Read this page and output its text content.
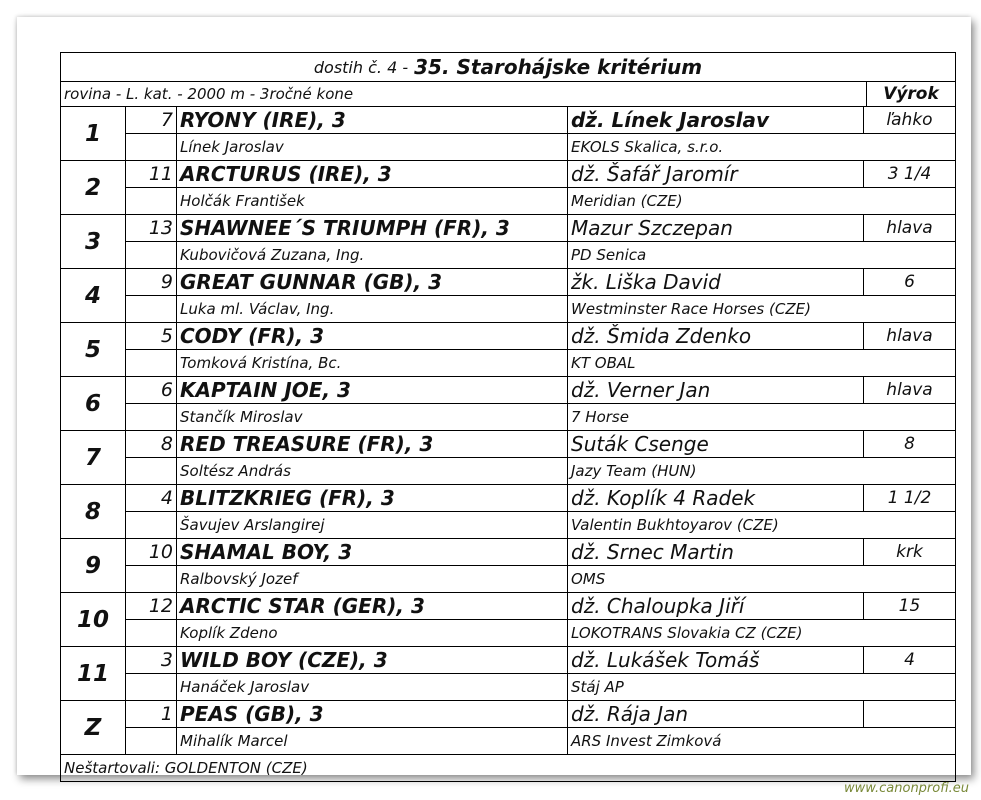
dostih č. 4 - 35. Starohájske kritérium
rovina - L. kat. - 2000 m - 3ročné kone	Výrok
1
7 RYONY (IRE), 3	dž. Línek Jaroslav	ľahko
Línek Jaroslav	EKOLS Skalica, s.r.o.
2
11 ARCTURUS (IRE), 3	dž. Šafář Jaromír	3 1/4
Holčák František	Meridian (CZE)
3
13 SHAWNEE´S TRIUMPH (FR), 3	Mazur Szczepan	hlava
Kubovičová Zuzana, Ing.	PD Senica
4
9 GREAT GUNNAR (GB), 3	žk. Liška David	6
Luka ml. Václav, Ing.	Westminster Race Horses (CZE)
5
5 CODY (FR), 3	dž. Šmida Zdenko	hlava
Tomková Kristína, Bc.	KT OBAL
6
6 KAPTAIN JOE, 3	dž. Verner Jan	hlava
Stančík Miroslav	7 Horse
7
8 RED TREASURE (FR), 3	Suták Csenge	8
Soltész András	Jazy Team (HUN)
8
4 BLITZKRIEG (FR), 3	dž. Koplík 4 Radek	1 1/2
Šavujev Arslangirej	Valentin Bukhtoyarov (CZE)
9
10 SHAMAL BOY, 3	dž. Srnec Martin	krk
Ralbovský Jozef	OMS
10
12 ARCTIC STAR (GER), 3	dž. Chaloupka Jiří	15
Koplík Zdeno	LOKOTRANS Slovakia CZ (CZE)
11
3 WILD BOY (CZE), 3	dž. Lukášek Tomáš	4
Hanáček Jaroslav	Stáj AP
Z
1 PEAS (GB), 3	dž. Rája Jan
Mihalík Marcel	ARS Invest Zimková
Neštartovali: GOLDENTON (CZE)
www.canonprofi.eu
